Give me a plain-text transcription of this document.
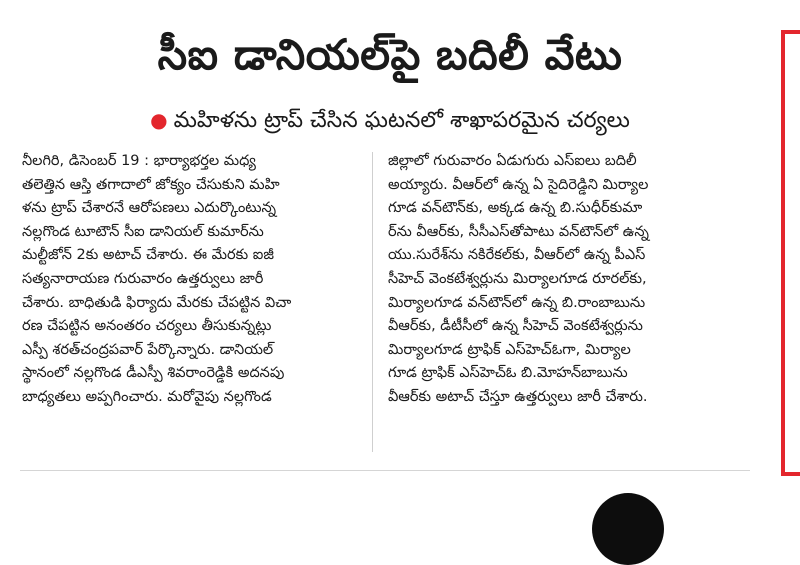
సీఐ డానియల్‌పై బదిలీ వేటు
● మహిళను ట్రాప్ చేసిన ఘటనలో శాఖాపరమైన చర్యలు

నీలగిరి, డిసెంబర్ 19 : భార్యాభర్తల మధ్య

తలెత్తిన ఆస్తి తగాదాలో జోక్యం చేసుకుని మహి

ళను ట్రాప్ చేశారనే ఆరోపణలు ఎదుర్కొంటున్న

నల్లగొండ టూటౌన్ సీఐ డానియల్ కుమార్‌ను

మల్టీజోన్ 2కు అటాచ్ చేశారు. ఈ మేరకు ఐజీ

సత్యనారాయణ గురువారం ఉత్తర్వులు జారీ

చేశారు. బాధితుడి ఫిర్యాదు మేరకు చేపట్టిన విచా

రణ చేపట్టిన అనంతరం చర్యలు తీసుకున్నట్లు

ఎస్పీ శరత్‌చంద్రపవార్ పేర్కొన్నారు. డానియల్

స్థానంలో నల్లగొండ డీఎస్పీ శివరాంరెడ్డికి అదనపు

బాధ్యతలు అప్పగించారు. మరోవైపు నల్లగొండ

జిల్లాలో గురువారం ఏడుగురు ఎస్ఐలు బదిలీ

అయ్యారు. వీఆర్‌లో ఉన్న ఏ సైదిరెడ్డిని మిర్యాల

గూడ వన్‌టౌన్‌కు, అక్కడ ఉన్న బి.సుధీర్‌కుమా

ర్‌ను వీఆర్‌కు, సీసీఎస్‌తోపాటు వన్‌టౌన్‌లో ఉన్న

యు.సురేశ్‌ను నకిరేకల్‌కు, వీఆర్‌లో ఉన్న పీఎస్

సీహెచ్ వెంకటేశ్వర్లును మిర్యాలగూడ రూరల్‌కు,

మిర్యాలగూడ వన్‌టౌన్‌లో ఉన్న బి.రాంబాబును

వీఆర్‌కు, డీటీసీలో ఉన్న సీహెచ్ వెంకటేశ్వర్లును

మిర్యాలగూడ ట్రాఫిక్ ఎస్‌హెచ్‌ఓగా, మిర్యాల

గూడ ట్రాఫిక్ ఎస్‌హెచ్‌ఓ బి.మోహన్‌బాబును

వీఆర్‌కు అటాచ్ చేస్తూ ఉత్తర్వులు జారీ చేశారు.
